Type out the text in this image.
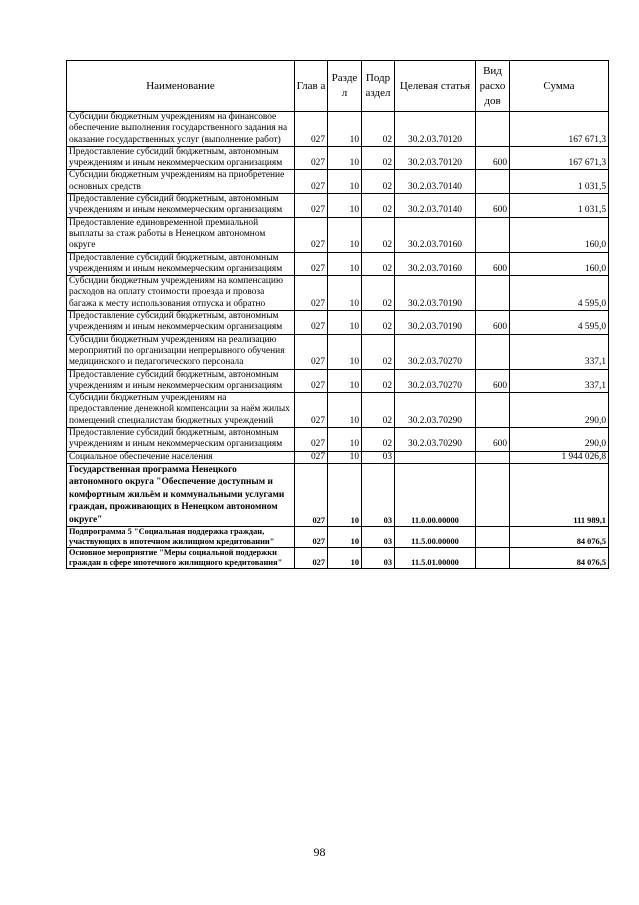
Наименование	Глав а	Разде л	Подр аздел	Целевая статья	Вид расхо дов	Сумма
Субсидии бюджетным учреждениям на финансовое обеспечение выполнения государственного задания на оказание государственных услуг (выполнение работ)	027	10	02	30.2.03.70120		167 671,3
Предоставление субсидий бюджетным, автономным учреждениям и иным некоммерческим организациям	027	10	02	30.2.03.70120	600	167 671,3
Субсидии бюджетным учреждениям на приобретение основных средств	027	10	02	30.2.03.70140		1 031,5
Предоставление субсидий бюджетным, автономным учреждениям и иным некоммерческим организациям	027	10	02	30.2.03.70140	600	1 031,5
Предоставление единовременной премиальной выплаты за стаж работы в Ненецком автономном округе	027	10	02	30.2.03.70160		160,0
Предоставление субсидий бюджетным, автономным учреждениям и иным некоммерческим организациям	027	10	02	30.2.03.70160	600	160,0
Субсидии бюджетным учреждениям на компенсацию расходов на оплату стоимости проезда и провоза багажа к месту использования отпуска и обратно	027	10	02	30.2.03.70190		4 595,0
Предоставление субсидий бюджетным, автономным учреждениям и иным некоммерческим организациям	027	10	02	30.2.03.70190	600	4 595,0
Субсидии бюджетным учреждениям на реализацию мероприятий по организации непрерывного обучения медицинского и педагогического персонала	027	10	02	30.2.03.70270		337,1
Предоставление субсидий бюджетным, автономным учреждениям и иным некоммерческим организациям	027	10	02	30.2.03.70270	600	337,1
Субсидии бюджетным учреждениям на предоставление денежной компенсации за наём жилых помещений специалистам бюджетных учреждений	027	10	02	30.2.03.70290		290,0
Предоставление субсидий бюджетным, автономным учреждениям и иным некоммерческим организациям	027	10	02	30.2.03.70290	600	290,0
Социальное обеспечение населения	027	10	03			1 944 026,8
Государственная программа Ненецкого автономного округа "Обеспечение доступным и комфортным жильём и коммунальными услугами граждан, проживающих в Ненецком автономном округе"	027	10	03	11.0.00.00000		111 989,1
Подпрограмма 5 "Социальная поддержка граждан, участвующих в ипотечном жилищном кредитовании"	027	10	03	11.5.00.00000		84 076,5
Основное мероприятие "Меры социальной поддержки граждан в сфере ипотечного жилищного кредитования"	027	10	03	11.5.01.00000		84 076,5
98
